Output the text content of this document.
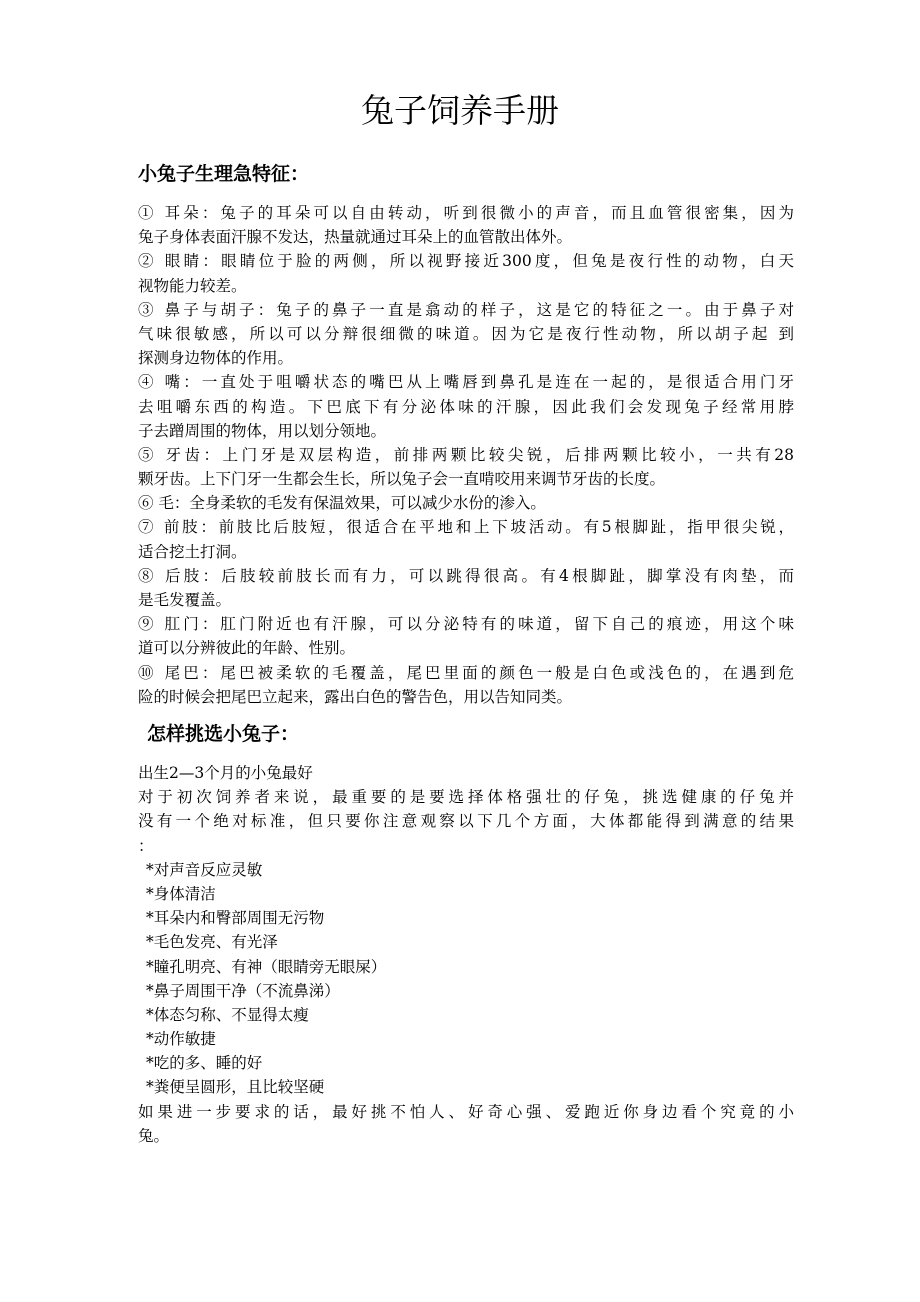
兔子饲养手册
小兔子生理急特征：
① 耳朵：兔子的耳朵可以自由转动，听到很微小的声音，而且血管很密集，因为
兔子身体表面汗腺不发达，热量就通过耳朵上的血管散出体外。
② 眼睛：眼睛位于脸的两侧，所以视野接近300度，但兔是夜行性的动物，白天
视物能力较差。
③ 鼻子与胡子：兔子的鼻子一直是翕动的样子，这是它的特征之一。由于鼻子对
气味很敏感，所以可以分辩很细微的味道。因为它是夜行性动物，所以胡子起 到
探测身边物体的作用。
④ 嘴：一直处于咀嚼状态的嘴巴从上嘴唇到鼻孔是连在一起的，是很适合用门牙
去咀嚼东西的构造。下巴底下有分泌体味的汗腺，因此我们会发现兔子经常用脖
子去蹭周围的物体，用以划分领地。
⑤ 牙齿：上门牙是双层构造，前排两颗比较尖锐，后排两颗比较小，一共有28
颗牙齿。上下门牙一生都会生长，所以兔子会一直啃咬用来调节牙齿的长度。
⑥ 毛：全身柔软的毛发有保温效果，可以减少水份的渗入。
⑦ 前肢：前肢比后肢短，很适合在平地和上下坡活动。有5根脚趾，指甲很尖锐，
适合挖土打洞。
⑧ 后肢：后肢较前肢长而有力，可以跳得很高。有4根脚趾，脚掌没有肉垫，而
是毛发覆盖。
⑨ 肛门：肛门附近也有汗腺，可以分泌特有的味道，留下自己的痕迹，用这个味
道可以分辨彼此的年龄、性别。
⑩ 尾巴：尾巴被柔软的毛覆盖，尾巴里面的颜色一般是白色或浅色的，在遇到危
险的时候会把尾巴立起来，露出白色的警告色，用以告知同类。
怎样挑选小兔子：
出生2—3个月的小兔最好
对于初次饲养者来说，最重要的是要选择体格强壮的仔兔，挑选健康的仔兔并
没有一个绝对标准，但只要你注意观察以下几个方面，大体都能得到满意的结果
：
*对声音反应灵敏
*身体清洁
*耳朵内和臀部周围无污物
*毛色发亮、有光泽
*瞳孔明亮、有神（眼睛旁无眼屎）
*鼻子周围干净（不流鼻涕）
*体态匀称、不显得太瘦
*动作敏捷
*吃的多、睡的好
*粪便呈圆形，且比较坚硬
如果进一步要求的话，最好挑不怕人、好奇心强、爱跑近你身边看个究竟的小
兔。
